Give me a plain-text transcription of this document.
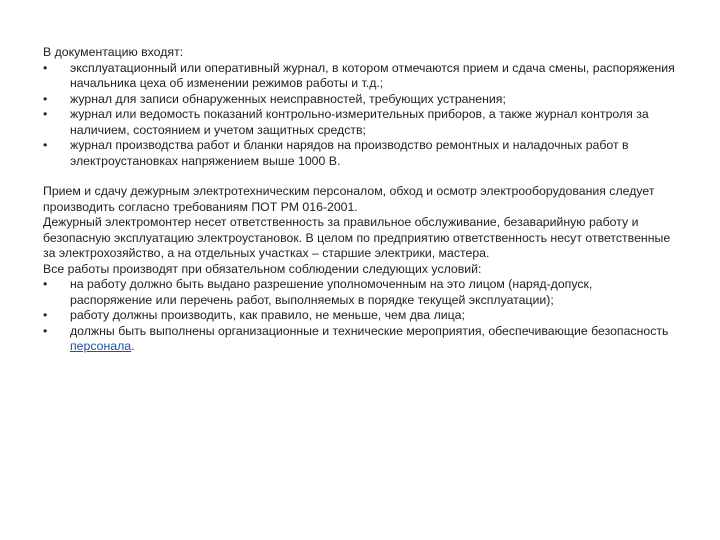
В документацию входят:

• эксплуатационный или оперативный журнал, в котором отмечаются прием и сдача смены, распоряжения начальника цеха об изменении режимов работы и т.д.;
• журнал для записи обнаруженных неисправностей, требующих устранения;
• журнал или ведомость показаний контрольно-измерительных приборов, а также журнал контроля за наличием, состоянием и учетом защитных средств;
• журнал производства работ и бланки нарядов на производство ремонтных и наладочных работ в электроустановках напряжением выше 1000 В.

Прием и сдачу дежурным электротехническим персоналом, обход и осмотр электрооборудования следует производить согласно требованиям ПОТ РМ 016-2001.

Дежурный электромонтер несет ответственность за правильное обслуживание, безаварийную работу и безопасную эксплуатацию электроустановок. В целом по предприятию ответственность несут ответственные за электрохозяйство, а на отдельных участках – старшие электрики, мастера.

Все работы производят при обязательном соблюдении следующих условий:

• на работу должно быть выдано разрешение уполномоченным на это лицом (наряд-допуск, распоряжение или перечень работ, выполняемых в порядке текущей эксплуатации);
• работу должны производить, как правило, не меньше, чем два лица;
• должны быть выполнены организационные и технические мероприятия, обеспечивающие безопасность персонала.
